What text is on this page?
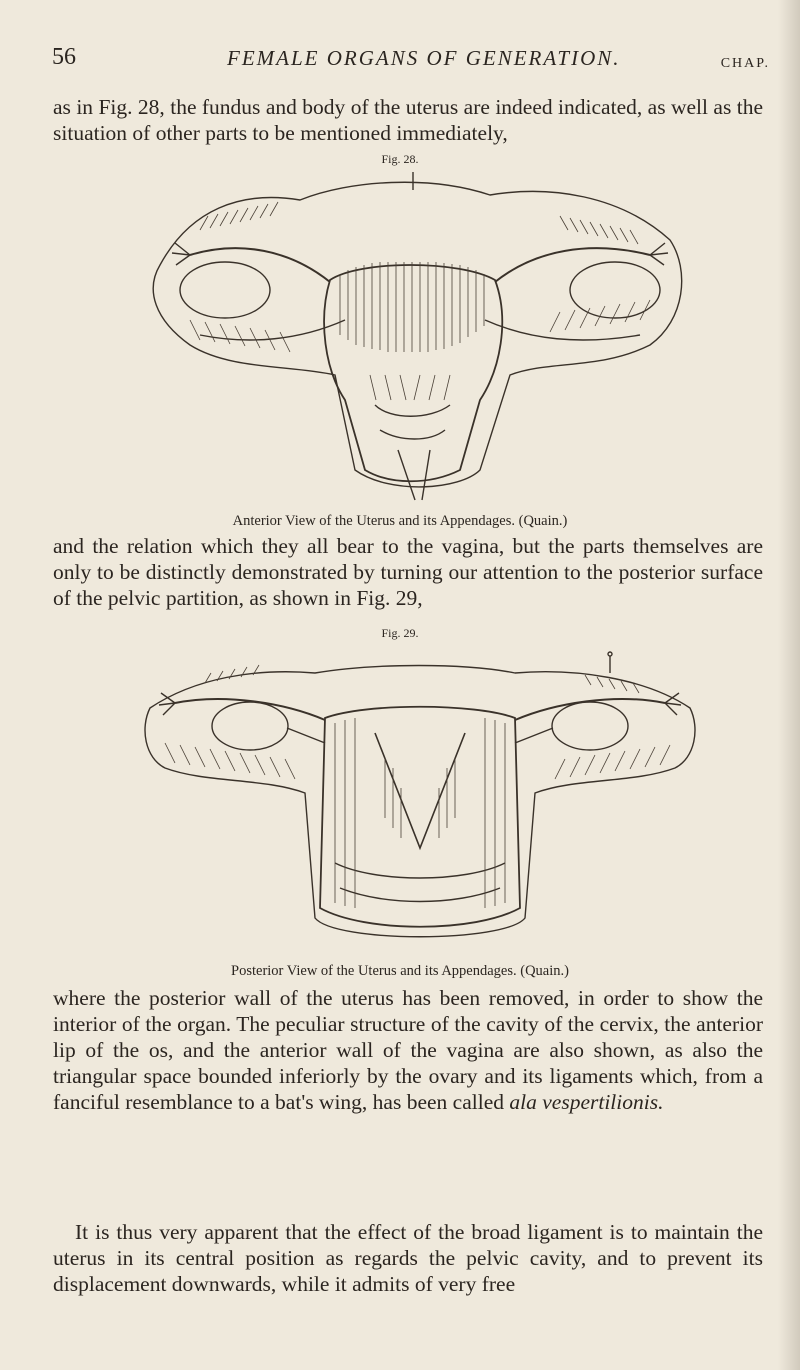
56	FEMALE ORGANS OF GENERATION.	CHAP.

as in Fig. 28, the fundus and body of the uterus are indeed indicated, as well as the situation of other parts to be mentioned immediately,

Fig. 28.
Anterior View of the Uterus and its Appendages. (Quain.)

and the relation which they all bear to the vagina, but the parts themselves are only to be distinctly demonstrated by turning our attention to the posterior surface of the pelvic partition, as shown in Fig. 29,

Fig. 29.
Posterior View of the Uterus and its Appendages. (Quain.)

where the posterior wall of the uterus has been removed, in order to show the interior of the organ. The peculiar structure of the cavity of the cervix, the anterior lip of the os, and the anterior wall of the vagina are also shown, as also the triangular space bounded inferiorly by the ovary and its ligaments which, from a fanciful resemblance to a bat's wing, has been called ala vespertilionis.

It is thus very apparent that the effect of the broad ligament is to maintain the uterus in its central position as regards the pelvic cavity, and to prevent its displacement downwards, while it admits of very free
